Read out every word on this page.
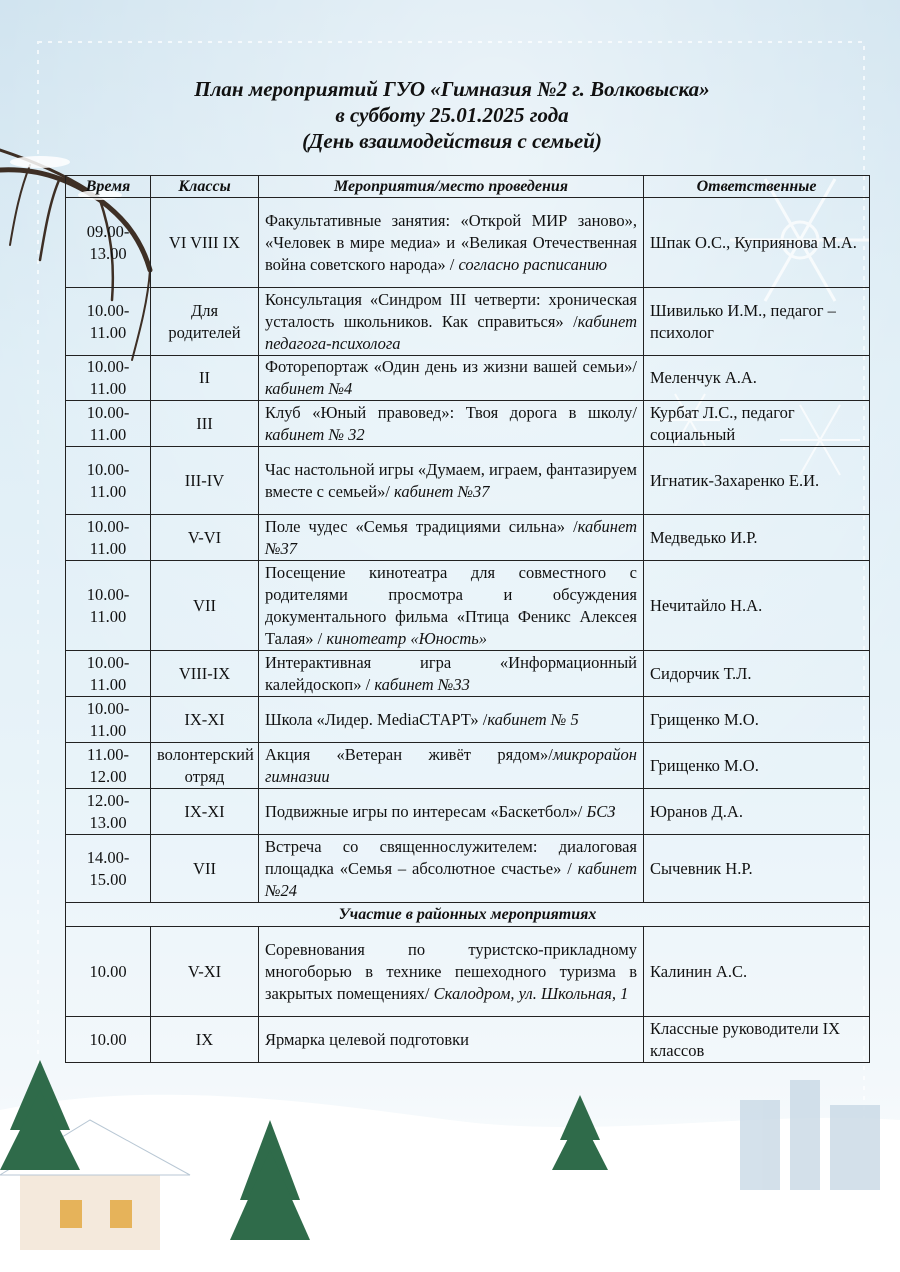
План мероприятий ГУО «Гимназия №2 г. Волковыска»
в субботу 25.01.2025 года
(День взаимодействия с семьей)
Время	Классы	Мероприятия/место проведения	Ответственные
09.00-13.00	VI VIII IX	Факультативные занятия: «Открой МИР заново», «Человек в мире медиа» и «Великая Отечественная война советского народа» / согласно расписанию	Шпак О.С., Куприянова М.А.
10.00-11.00	Для родителей	Консультация «Синдром III четверти: хроническая усталость школьников. Как справиться» /кабинет педагога-психолога	Шивилько И.М., педагог – психолог
10.00-11.00	II	Фоторепортаж «Один день из жизни вашей семьи»/ кабинет №4	Меленчук А.А.
10.00-11.00	III	Клуб «Юный правовед»: Твоя дорога в школу/ кабинет № 32	Курбат Л.С., педагог социальный
10.00-11.00	III-IV	Час настольной игры «Думаем, играем, фантазируем вместе с семьей»/ кабинет №37	Игнатик-Захаренко Е.И.
10.00-11.00	V-VI	Поле чудес «Семья традициями сильна» /кабинет №37	Медведько И.Р.
10.00-11.00	VII	Посещение кинотеатра для совместного с родителями просмотра и обсуждения документального фильма «Птица Феникс Алексея Талая» / кинотеатр «Юность»	Нечитайло Н.А.
10.00-11.00	VIII-IX	Интерактивная игра «Информационный калейдоскоп» / кабинет №33	Сидорчик Т.Л.
10.00-11.00	IX-XI	Школа «Лидер. MediaСТАРТ» /кабинет № 5	Грищенко М.О.
11.00-12.00	волонтерский отряд	Акция «Ветеран живёт рядом»/микрорайон гимназии	Грищенко М.О.
12.00-13.00	IX-XI	Подвижные игры по интересам «Баскетбол»/ БСЗ	Юранов Д.А.
14.00-15.00	VII	Встреча со священнослужителем: диалоговая площадка «Семья – абсолютное счастье» / кабинет №24	Сычевник Н.Р.
Участие в районных мероприятиях			
10.00	V-XI	Соревнования по туристско-прикладному многоборью в технике пешеходного туризма в закрытых помещениях/ Скалодром, ул. Школьная, 1	Калинин А.С.
10.00	IX	Ярмарка целевой подготовки	Классные руководители IX классов
